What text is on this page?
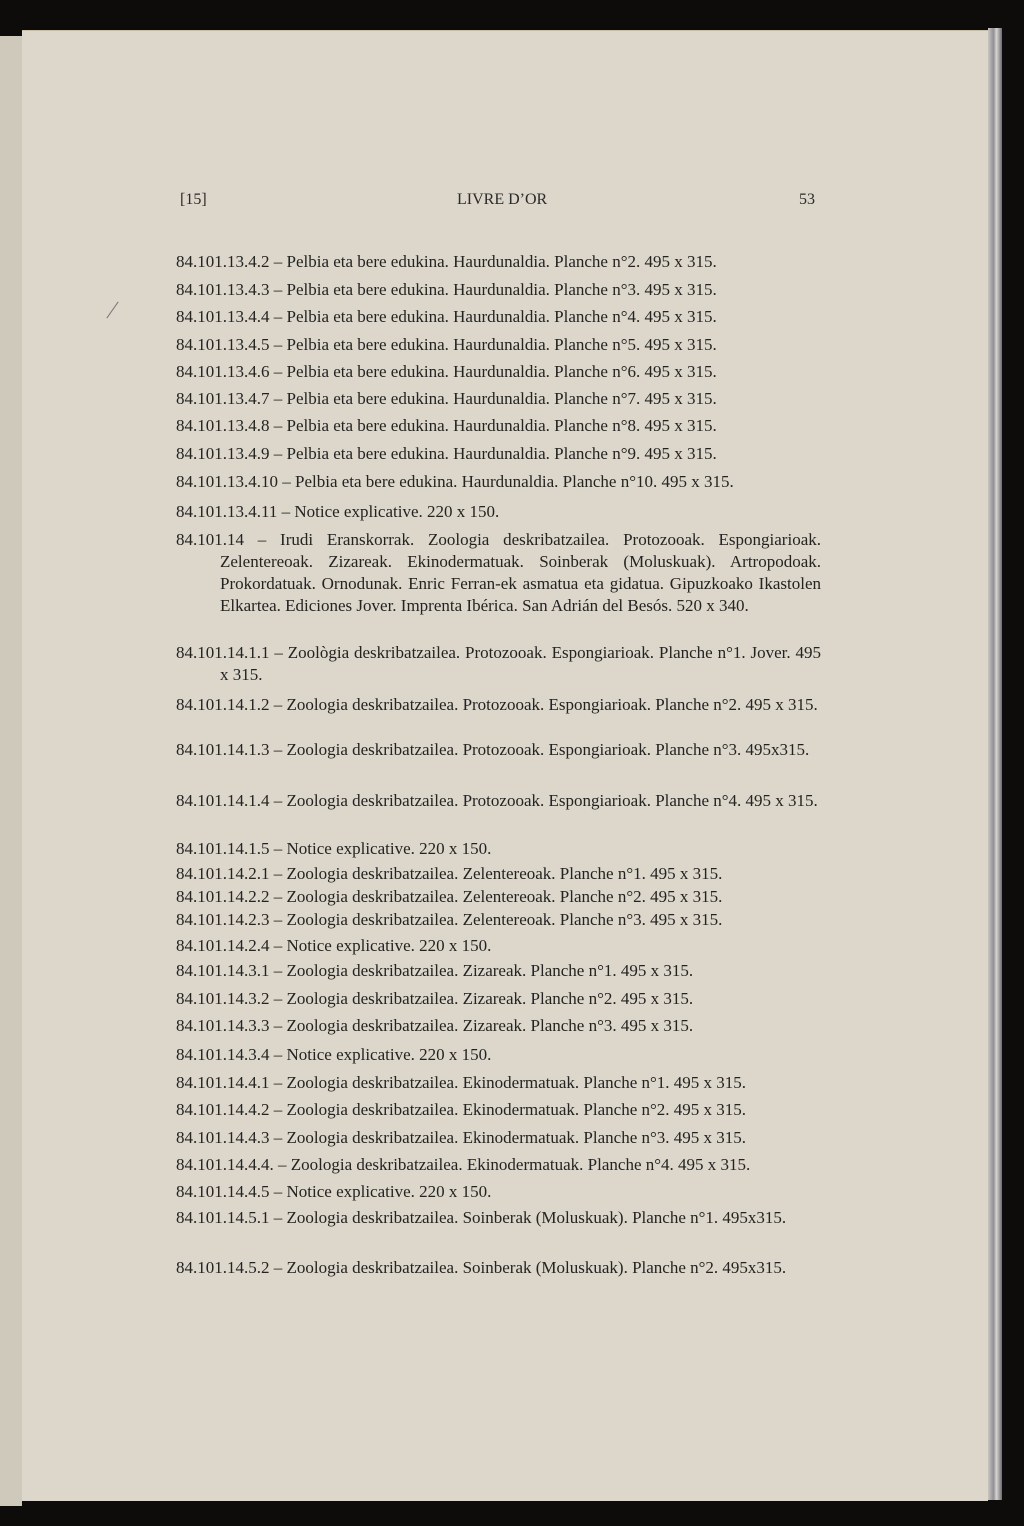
[15]	LIVRE D’OR	53
84.101.13.4.2 – Pelbia eta bere edukina. Haurdunaldia. Planche n°2. 495 x 315.
84.101.13.4.3 – Pelbia eta bere edukina. Haurdunaldia. Planche n°3. 495 x 315.
84.101.13.4.4 – Pelbia eta bere edukina. Haurdunaldia. Planche n°4. 495 x 315.
84.101.13.4.5 – Pelbia eta bere edukina. Haurdunaldia. Planche n°5. 495 x 315.
84.101.13.4.6 – Pelbia eta bere edukina. Haurdunaldia. Planche n°6. 495 x 315.
84.101.13.4.7 – Pelbia eta bere edukina. Haurdunaldia. Planche n°7. 495 x 315.
84.101.13.4.8 – Pelbia eta bere edukina. Haurdunaldia. Planche n°8. 495 x 315.
84.101.13.4.9 – Pelbia eta bere edukina. Haurdunaldia. Planche n°9. 495 x 315.
84.101.13.4.10 – Pelbia eta bere edukina. Haurdunaldia. Planche n°10. 495 x 315.
84.101.13.4.11 – Notice explicative. 220 x 150.
84.101.14 – Irudi Eranskorrak. Zoologia deskribatzailea. Protozooak. Espongiarioak. Zelentereoak. Zizareak. Ekinodermatuak. Soinberak (Moluskuak). Artropodoak. Prokordatuak. Ornodunak. Enric Ferran-ek asmatua eta gidatua. Gipuzkoako Ikastolen Elkartea. Ediciones Jover. Imprenta Ibérica. San Adrián del Besós. 520 x 340.
84.101.14.1.1 – Zoològia deskribatzailea. Protozooak. Espongiarioak. Planche n°1. Jover. 495 x 315.
84.101.14.1.2 – Zoologia deskribatzailea. Protozooak. Espongiarioak. Planche n°2. 495 x 315.
84.101.14.1.3 – Zoologia deskribatzailea. Protozooak. Espongiarioak. Planche n°3. 495x315.
84.101.14.1.4 – Zoologia deskribatzailea. Protozooak. Espongiarioak. Planche n°4. 495 x 315.
84.101.14.1.5 – Notice explicative. 220 x 150.
84.101.14.2.1 – Zoologia deskribatzailea. Zelentereoak. Planche n°1. 495 x 315.
84.101.14.2.2 – Zoologia deskribatzailea. Zelentereoak. Planche n°2. 495 x 315.
84.101.14.2.3 – Zoologia deskribatzailea. Zelentereoak. Planche n°3. 495 x 315.
84.101.14.2.4 – Notice explicative. 220 x 150.
84.101.14.3.1 – Zoologia deskribatzailea. Zizareak. Planche n°1. 495 x 315.
84.101.14.3.2 – Zoologia deskribatzailea. Zizareak. Planche n°2. 495 x 315.
84.101.14.3.3 – Zoologia deskribatzailea. Zizareak. Planche n°3. 495 x 315.
84.101.14.3.4 – Notice explicative. 220 x 150.
84.101.14.4.1 – Zoologia deskribatzailea. Ekinodermatuak. Planche n°1. 495 x 315.
84.101.14.4.2 – Zoologia deskribatzailea. Ekinodermatuak. Planche n°2. 495 x 315.
84.101.14.4.3 – Zoologia deskribatzailea. Ekinodermatuak. Planche n°3. 495 x 315.
84.101.14.4.4. – Zoologia deskribatzailea. Ekinodermatuak. Planche n°4. 495 x 315.
84.101.14.4.5 – Notice explicative. 220 x 150.
84.101.14.5.1 – Zoologia deskribatzailea. Soinberak (Moluskuak). Planche n°1. 495x315.
84.101.14.5.2 – Zoologia deskribatzailea. Soinberak (Moluskuak). Planche n°2. 495x315.
